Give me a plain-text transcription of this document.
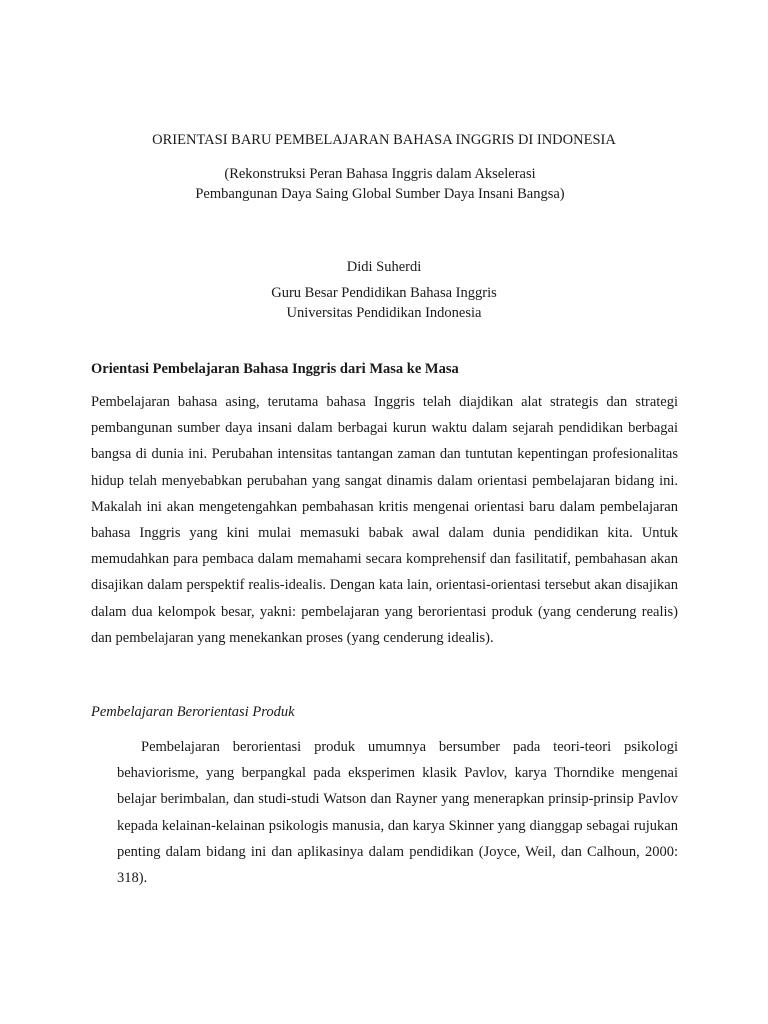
ORIENTASI BARU PEMBELAJARAN BAHASA INGGRIS DI INDONESIA
(Rekonstruksi Peran Bahasa Inggris dalam Akselerasi Pembangunan Daya Saing Global Sumber Daya Insani Bangsa)
Didi Suherdi
Guru Besar Pendidikan Bahasa Inggris
Universitas Pendidikan Indonesia
Orientasi Pembelajaran Bahasa Inggris dari Masa ke Masa

Pembelajaran bahasa asing, terutama bahasa Inggris telah diajdikan alat strategis dan strategi pembangunan sumber daya insani dalam berbagai kurun waktu dalam sejarah pendidikan berbagai bangsa di dunia ini. Perubahan intensitas tantangan zaman dan tuntutan kepentingan profesionalitas hidup telah menyebabkan perubahan yang sangat dinamis dalam orientasi pembelajaran bidang ini. Makalah ini akan mengetengahkan pembahasan kritis mengenai orientasi baru dalam pembelajaran bahasa Inggris yang kini mulai memasuki babak awal dalam dunia pendidikan kita. Untuk memudahkan para pembaca dalam memahami secara komprehensif dan fasilitatif, pembahasan akan disajikan dalam perspektif realis-idealis. Dengan kata lain, orientasi-orientasi tersebut akan disajikan dalam dua kelompok besar, yakni: pembelajaran yang berorientasi produk (yang cenderung realis) dan pembelajaran yang menekankan proses (yang cenderung idealis).

Pembelajaran Berorientasi Produk

Pembelajaran berorientasi produk umumnya bersumber pada teori-teori psikologi behaviorisme, yang berpangkal pada eksperimen klasik Pavlov, karya Thorndike mengenai belajar berimbalan, dan studi-studi Watson dan Rayner yang menerapkan prinsip-prinsip Pavlov kepada kelainan-kelainan psikologis manusia, dan karya Skinner yang dianggap sebagai rujukan penting dalam bidang ini dan aplikasinya dalam pendidikan (Joyce, Weil, dan Calhoun, 2000: 318).
